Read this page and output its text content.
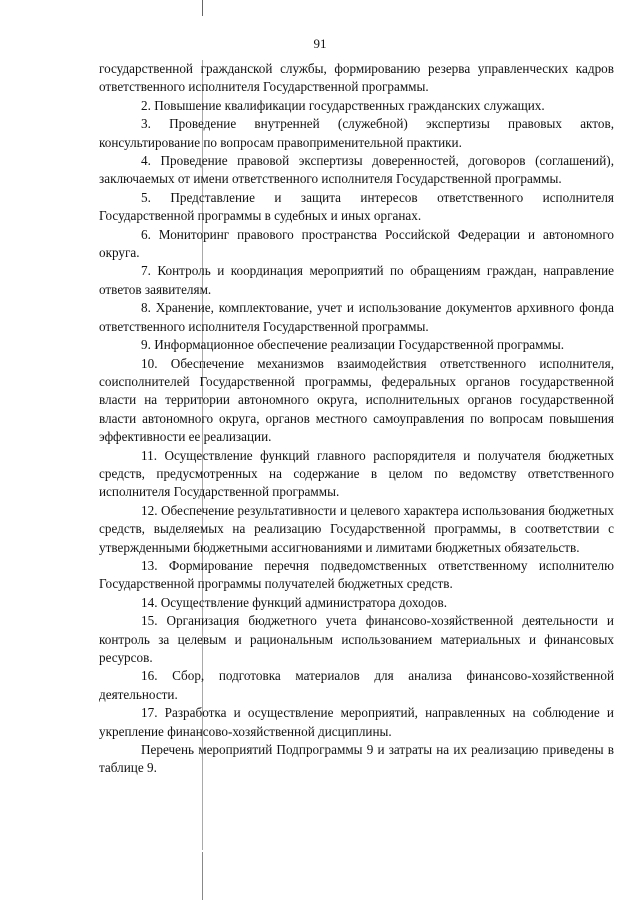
91

государственной гражданской службы, формированию резерва управленческих кадров ответственного исполнителя Государственной программы.

2. Повышение квалификации государственных гражданских служащих.

3. Проведение внутренней (служебной) экспертизы правовых актов, консультирование по вопросам правоприменительной практики.

4. Проведение правовой экспертизы доверенностей, договоров (соглашений), заключаемых от имени ответственного исполнителя Государственной программы.

5. Представление и защита интересов ответственного исполнителя Государственной программы в судебных и иных органах.

6. Мониторинг правового пространства Российской Федерации и автономного округа.

7. Контроль и координация мероприятий по обращениям граждан, направление ответов заявителям.

8. Хранение, комплектование, учет и использование документов архивного фонда ответственного исполнителя Государственной программы.

9. Информационное обеспечение реализации Государственной программы.

10. Обеспечение механизмов взаимодействия ответственного исполнителя, соисполнителей Государственной программы, федеральных органов государственной власти на территории автономного округа, исполнительных органов государственной власти автономного округа, органов местного самоуправления по вопросам повышения эффективности ее реализации.

11. Осуществление функций главного распорядителя и получателя бюджетных средств, предусмотренных на содержание в целом по ведомству ответственного исполнителя Государственной программы.

12. Обеспечение результативности и целевого характера использования бюджетных средств, выделяемых на реализацию Государственной программы, в соответствии с утвержденными бюджетными ассигнованиями и лимитами бюджетных обязательств.

13. Формирование перечня подведомственных ответственному исполнителю Государственной программы получателей бюджетных средств.

14. Осуществление функций администратора доходов.

15. Организация бюджетного учета финансово-хозяйственной деятельности и контроль за целевым и рациональным использованием материальных и финансовых ресурсов.

16. Сбор, подготовка материалов для анализа финансово-хозяйственной деятельности.

17. Разработка и осуществление мероприятий, направленных на соблюдение и укрепление финансово-хозяйственной дисциплины.

Перечень мероприятий Подпрограммы 9 и затраты на их реализацию приведены в таблице 9.
